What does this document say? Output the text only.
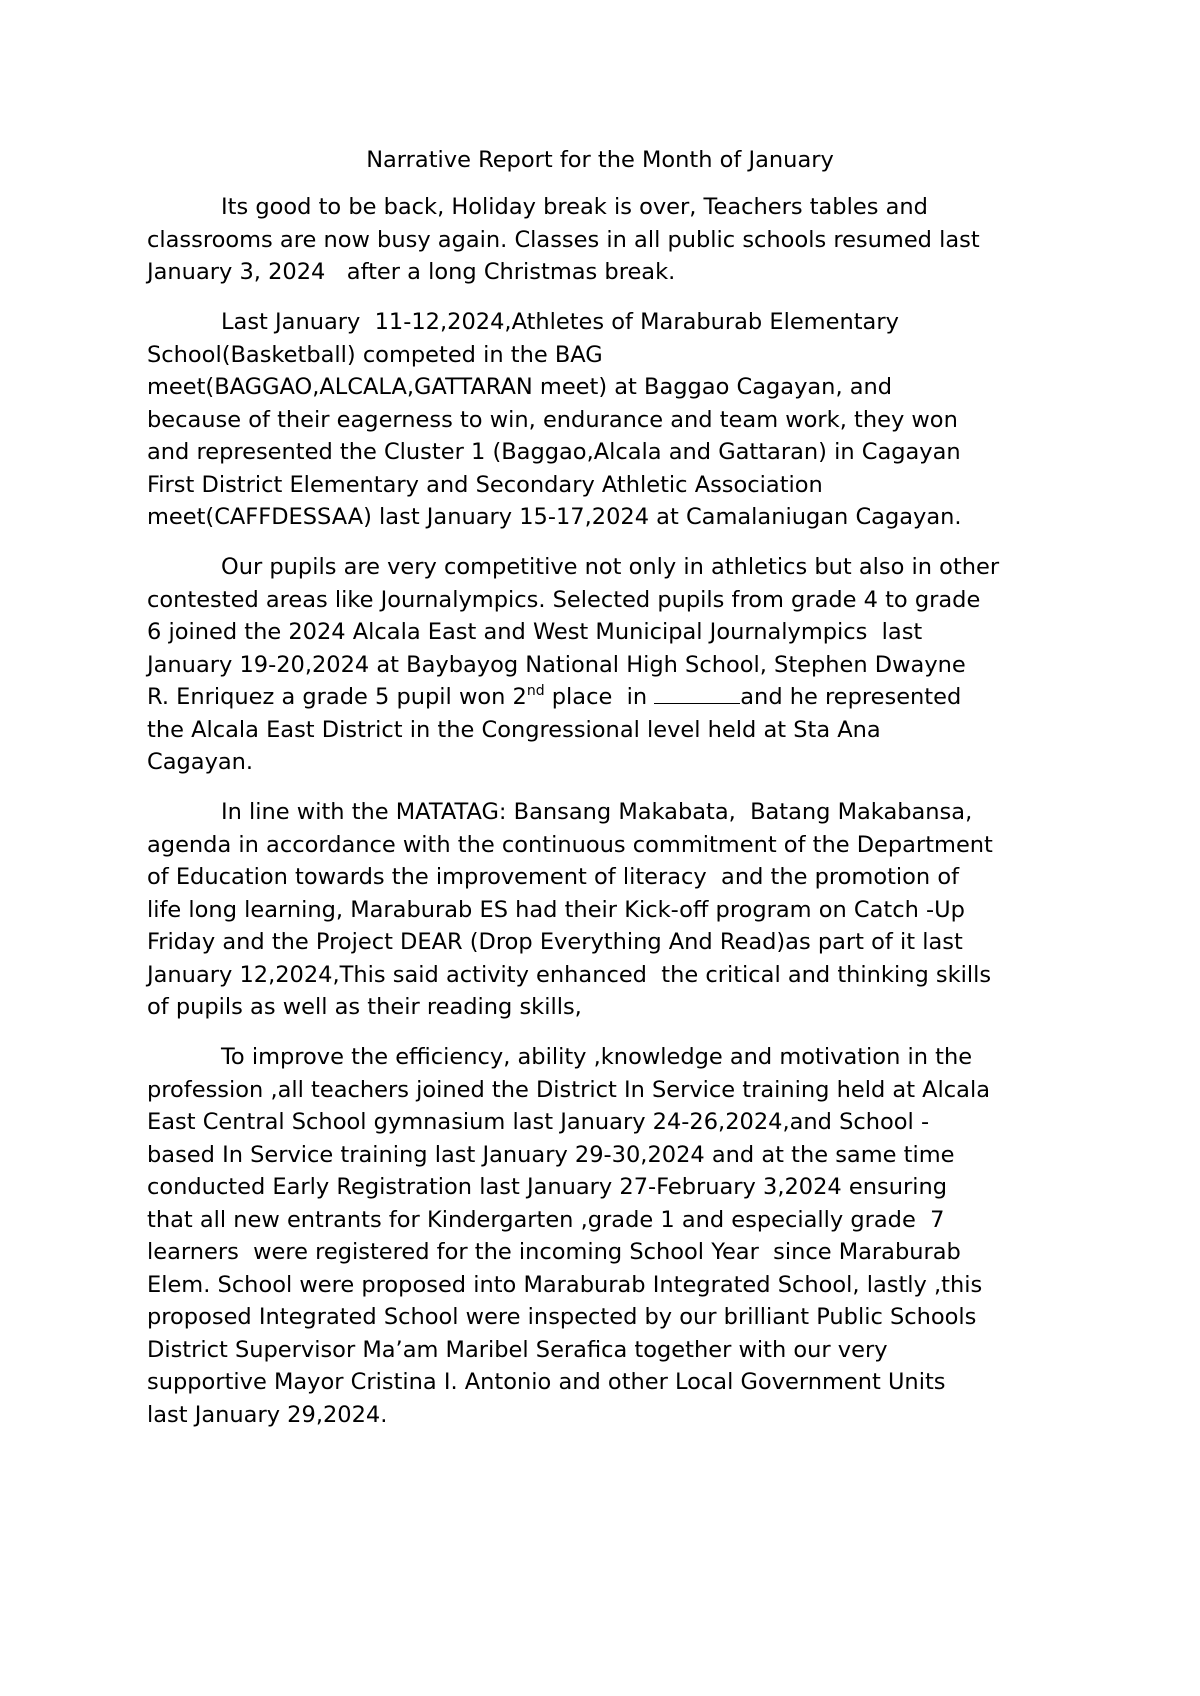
Narrative Report for the Month of January
Its good to be back, Holiday break is over, Teachers tables and
classrooms are now busy again. Classes in all public schools resumed last
January 3, 2024   after a long Christmas break.
Last January  11-12,2024,Athletes of Maraburab Elementary
School(Basketball) competed in the BAG
meet(BAGGAO,ALCALA,GATTARAN meet) at Baggao Cagayan, and
because of their eagerness to win, endurance and team work, they won
and represented the Cluster 1 (Baggao,Alcala and Gattaran) in Cagayan
First District Elementary and Secondary Athletic Association
meet(CAFFDESSAA) last January 15-17,2024 at Camalaniugan Cagayan.
Our pupils are very competitive not only in athletics but also in other
contested areas like Journalympics. Selected pupils from grade 4 to grade
6 joined the 2024 Alcala East and West Municipal Journalympics  last
January 19-20,2024 at Baybayog National High School, Stephen Dwayne
R. Enriquez a grade 5 pupil won 2nd place  in	and he represented
the Alcala East District in the Congressional level held at Sta Ana
Cagayan.
In line with the MATATAG: Bansang Makabata,  Batang Makabansa,
agenda in accordance with the continuous commitment of the Department
of Education towards the improvement of literacy  and the promotion of
life long learning, Maraburab ES had their Kick-off program on Catch -Up
Friday and the Project DEAR (Drop Everything And Read)as part of it last
January 12,2024,This said activity enhanced  the critical and thinking skills
of pupils as well as their reading skills,
To improve the efficiency, ability ,knowledge and motivation in the
profession ,all teachers joined the District In Service training held at Alcala
East Central School gymnasium last January 24-26,2024,and School -
based In Service training last January 29-30,2024 and at the same time
conducted Early Registration last January 27-February 3,2024 ensuring
that all new entrants for Kindergarten ,grade 1 and especially grade  7
learners  were registered for the incoming School Year  since Maraburab
Elem. School were proposed into Maraburab Integrated School, lastly ,this
proposed Integrated School were inspected by our brilliant Public Schools
District Supervisor Ma’am Maribel Serafica together with our very
supportive Mayor Cristina I. Antonio and other Local Government Units
last January 29,2024.
